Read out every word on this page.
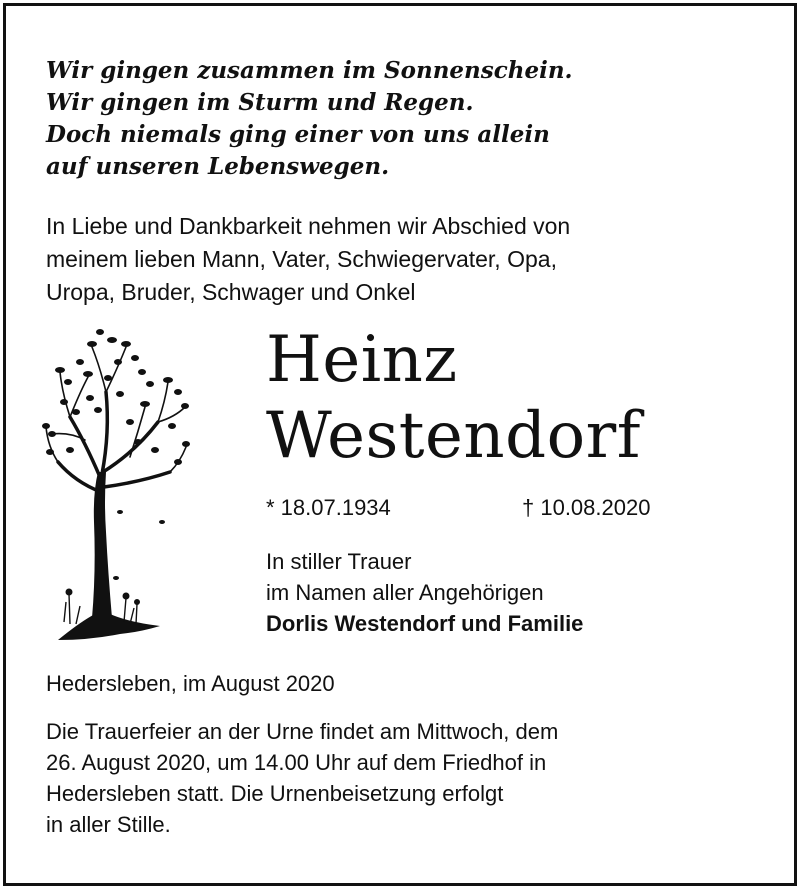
Wir gingen zusammen im Sonnenschein.
Wir gingen im Sturm und Regen.
Doch niemals ging einer von uns allein
auf unseren Lebenswegen.
In Liebe und Dankbarkeit nehmen wir Abschied von
meinem lieben Mann, Vater, Schwiegervater, Opa,
Uropa, Bruder, Schwager und Onkel
Heinz
Westendorf
* 18.07.1934	† 10.08.2020
In stiller Trauer
im Namen aller Angehörigen
Dorlis Westendorf und Familie
Hedersleben, im August 2020
Die Trauerfeier an der Urne findet am Mittwoch, dem
26. August 2020, um 14.00 Uhr auf dem Friedhof in
Hedersleben statt. Die Urnenbeisetzung erfolgt
in aller Stille.
